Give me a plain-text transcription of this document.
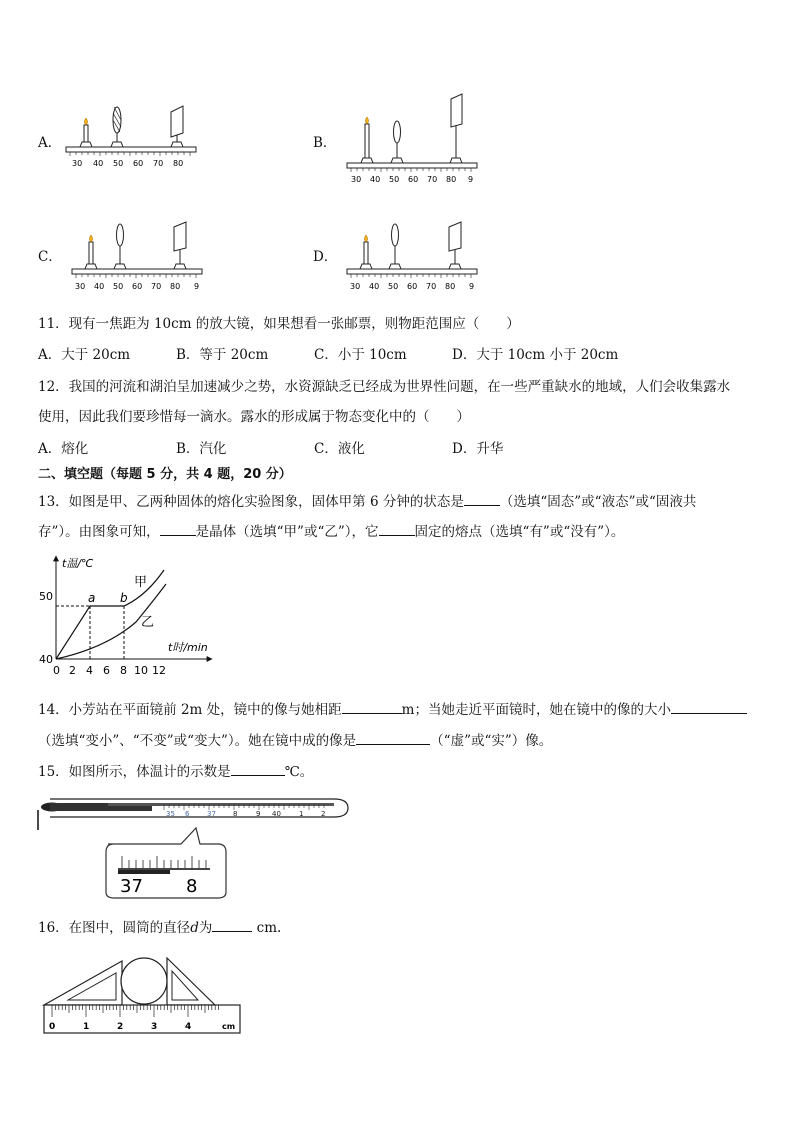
A．
30 40 50 60 70 80
B．
30 40 50 60 70 80 9
C．
30 40 50 60 70 80 9
D．
30 40 50 60 70 80 9
11．现有一焦距为 10cm 的放大镜，如果想看一张邮票，则物距范围应（　　）
A．大于 20cm	B．等于 20cm	C．小于 10cm	D．大于 10cm 小于 20cm
12．我国的河流和湖泊呈加速减少之势，水资源缺乏已经成为世界性问题，在一些严重缺水的地域，人们会收集露水
使用，因此我们要珍惜每一滴水。露水的形成属于物态变化中的（　　）
A．熔化	B．汽化	C．液化	D．升华
二、填空题（每题 5 分，共 4 题，20 分）
13．如图是甲、乙两种固体的熔化实验图象，固体甲第 6 分钟的状态是	（选填“固态”或“液态”或“固液共
存”）。由图象可知，	是晶体（选填“甲”或“乙”），它	固定的熔点（选填“有”或“没有”）。
t温/℃
t时/min
50
40
0 2 4 6 8 10 12
a b
甲
乙
14．小芳站在平面镜前 2m 处，镜中的像与她相距	m；当她走近平面镜时，她在镜中的像的大小
（选填“变小”、“不变”或“变大”）。她在镜中成的像是	（“虚”或“实”）像。
15．如图所示，体温计的示数是	℃。
35 6	37 8	9 40	1	2
37 8
16．在图中，圆筒的直径d为	cm.
0	1	2	3	4	cm
